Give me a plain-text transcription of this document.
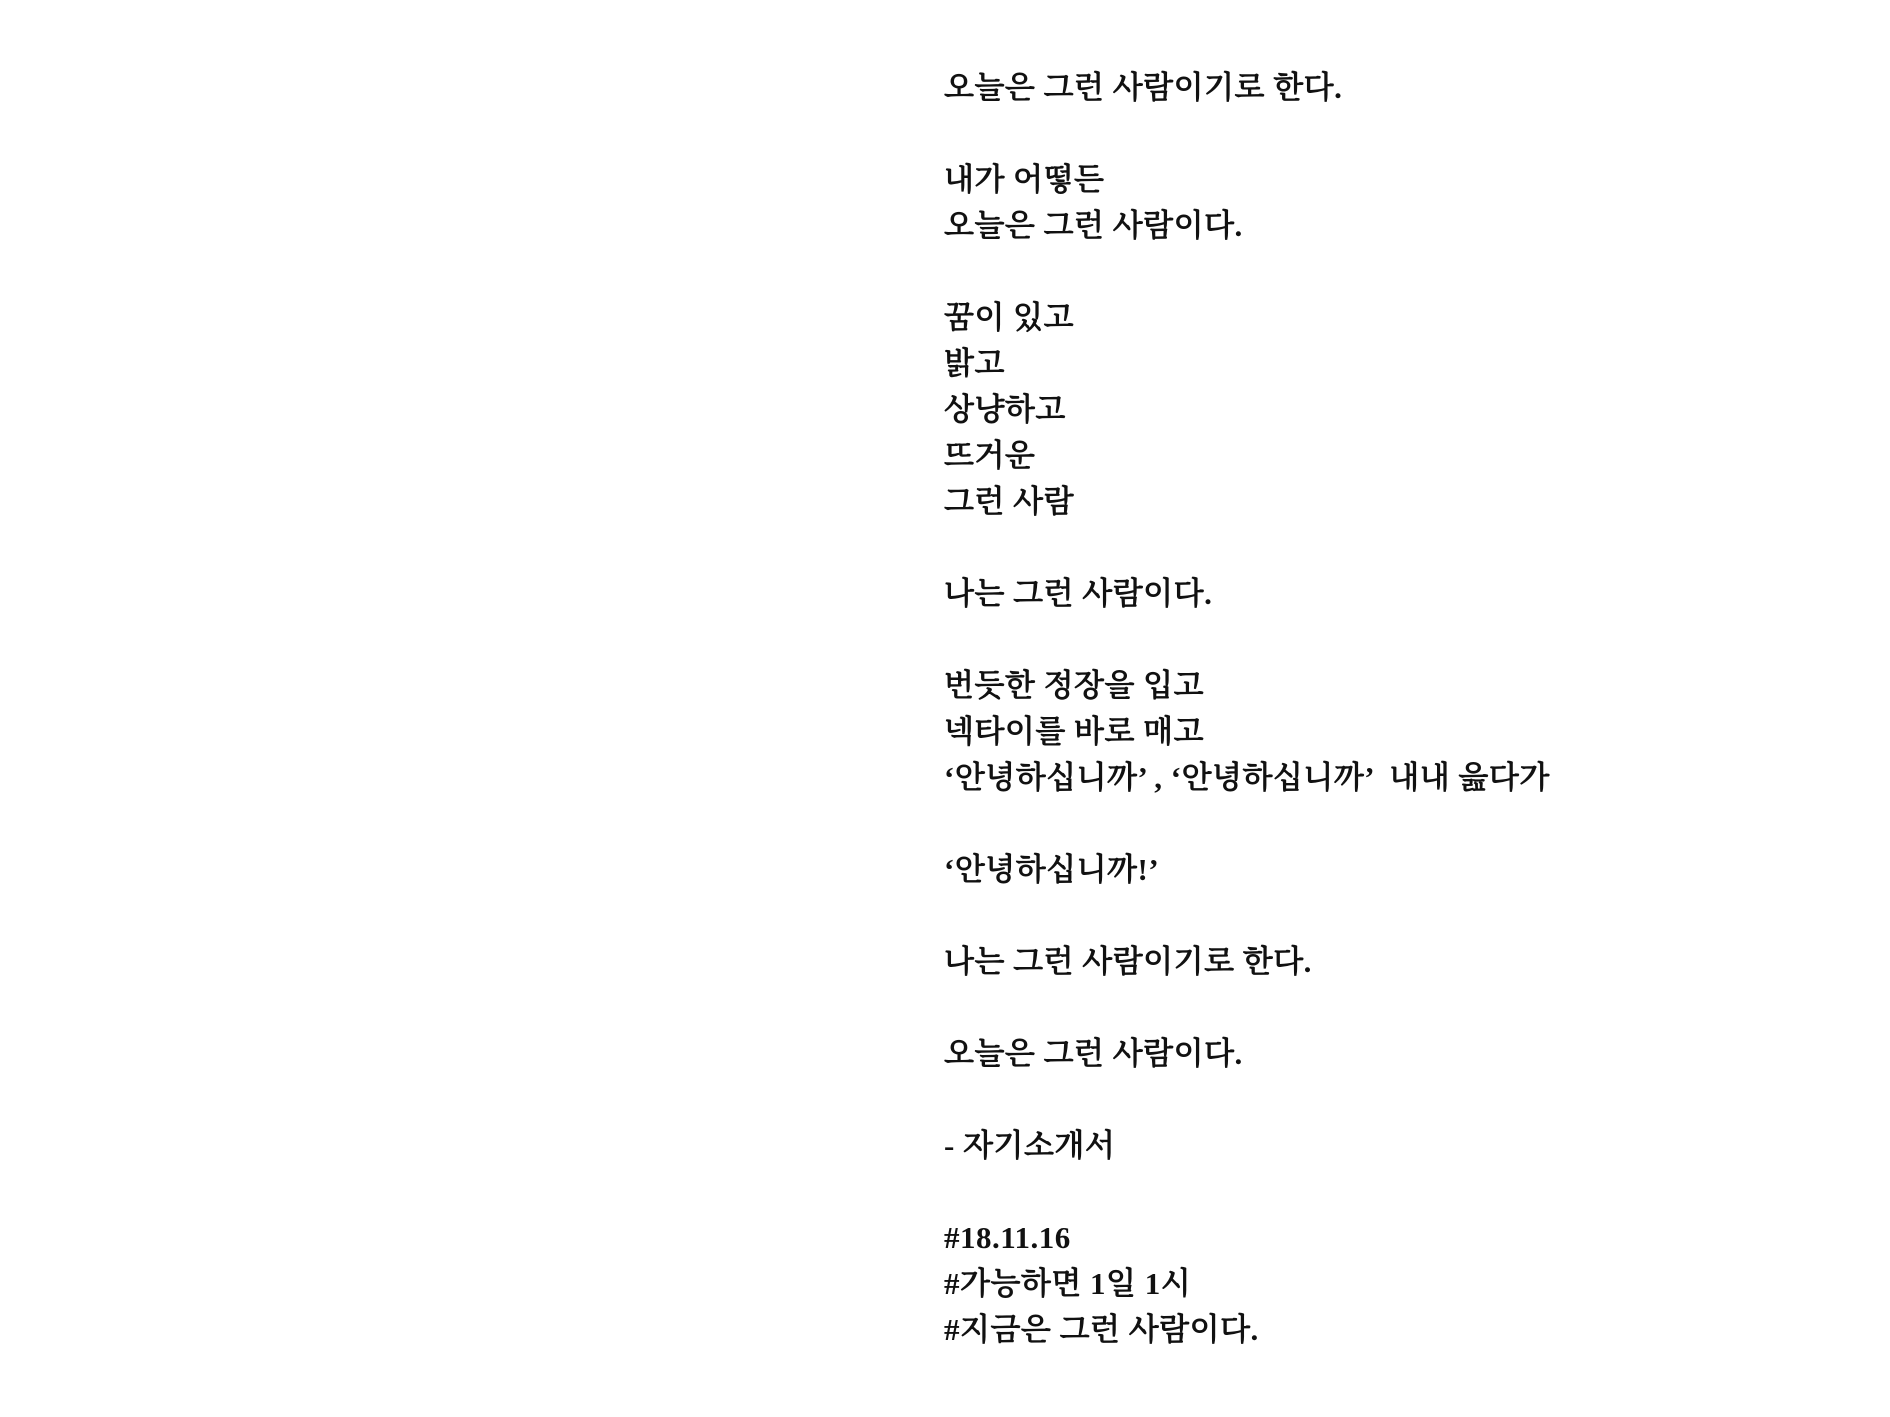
오늘은 그런 사람이기로 한다.
내가 어떻든
오늘은 그런 사람이다.
꿈이 있고
밝고
상냥하고
뜨거운
그런 사람
나는 그런 사람이다.
번듯한 정장을 입고
넥타이를 바로 매고
‘안녕하십니까’ , ‘안녕하십니까’  내내 읊다가
‘안녕하십니까!’
나는 그런 사람이기로 한다.
오늘은 그런 사람이다.
- 자기소개서
#18.11.16
#가능하면 1일 1시
#지금은 그런 사람이다.
